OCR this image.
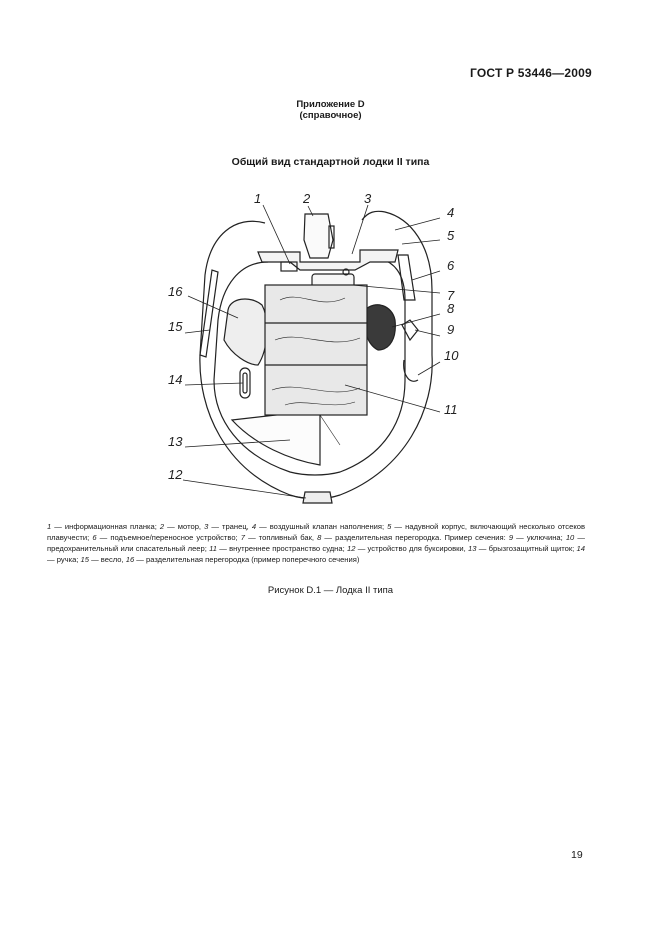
ГОСТ Р 53446—2009
Приложение D
(справочное)
Общий вид стандартной лодки II типа
1	2	3
4
5
6
7
8
9
10
11
12
13
14
15
16
1 — информационная планка; 2 — мотор, 3 — транец, 4 — воздушный клапан наполнения; 5 — надувной корпус, включающий несколько отсеков плавучести; 6 — подъемное/переносное устройство; 7 — топливный бак, 8 — разделительная перегородка. Пример сечения: 9 — уключина; 10 — предохранительный или спасательный леер; 11 — внутреннее пространство судна; 12 — устройство для буксировки, 13 — брызгозащитный щиток; 14 — ручка; 15 — весло, 16 — разделительная перегородка (пример поперечного сечения)
Рисунок D.1 — Лодка II типа
19
